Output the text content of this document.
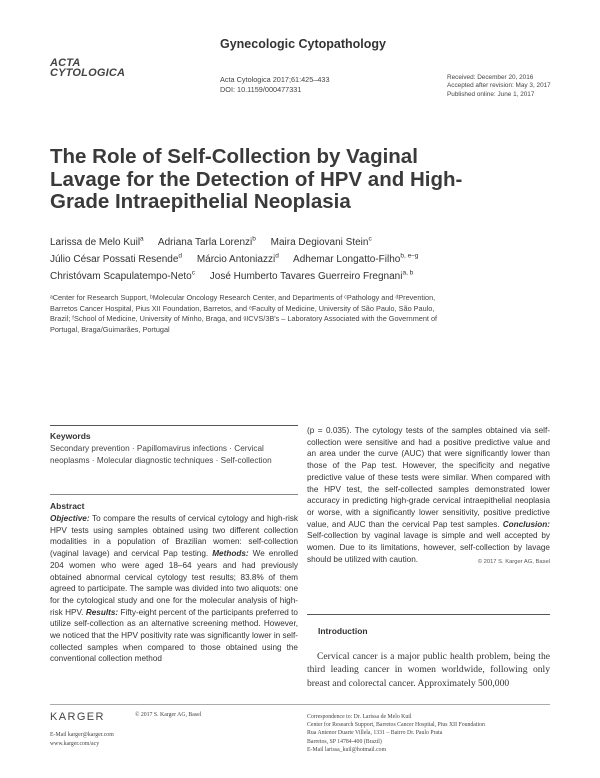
Gynecologic Cytopathology
ACTA
CYTOLOGICA
Acta Cytologica 2017;61:425–433
DOI: 10.1159/000477331
Received: December 20, 2016
Accepted after revision: May 3, 2017
Published online: June 1, 2017
The Role of Self-Collection by Vaginal Lavage for the Detection of HPV and High-Grade Intraepithelial Neoplasia
Larissa de Melo Kuil$^a$ Adriana Tarla Lorenzi$^b$ Maira Degiovani Stein$^c$
Júlio César Possati Resende$^d$ Márcio Antoniazzi$^d$ Adhemar Longatto-Filho$^{b, e-g}$
Christóvam Scapulatempo-Neto$^c$ José Humberto Tavares Guerreiro Fregnani$^{a, b}$
ᵃCenter for Research Support, ᵇMolecular Oncology Research Center, and Departments of ᶜPathology and ᵈPrevention, Barretos Cancer Hospital, Pius XII Foundation, Barretos, and ᵉFaculty of Medicine, University of São Paulo, São Paulo, Brazil; ᶠSchool of Medicine, University of Minho, Braga, and ᵍICVS/3B's – Laboratory Associated with the Government of Portugal, Braga/Guimarães, Portugal
Keywords
Secondary prevention · Papillomavirus infections · Cervical neoplasms · Molecular diagnostic techniques · Self-collection
Abstract
Objective: To compare the results of cervical cytology and high-risk HPV tests using samples obtained using two different collection modalities in a population of Brazilian women: self-collection (vaginal lavage) and cervical Pap testing. Methods: We enrolled 204 women who were aged 18–64 years and had previously obtained abnormal cervical cytology test results; 83.8% of them agreed to participate. The sample was divided into two aliquots: one for the cytological study and one for the molecular analysis of high-risk HPV. Results: Fifty-eight percent of the participants preferred to utilize self-collection as an alternative screening method. However, we noticed that the HPV positivity rate was significantly lower in self-collected samples when compared to those obtained using the conventional collection method
(p = 0.035). The cytology tests of the samples obtained via self-collection were sensitive and had a positive predictive value and an area under the curve (AUC) that were significantly lower than those of the Pap test. However, the specificity and negative predictive value of these tests were similar. When compared with the HPV test, the self-collected samples demonstrated lower accuracy in predicting high-grade cervical intraepithelial neoplasia or worse, with a significantly lower sensitivity, positive predictive value, and AUC than the cervical Pap test samples. Conclusion: Self-collection by vaginal lavage is simple and well accepted by women. Due to its limitations, however, self-collection by lavage should be utilized with caution.	© 2017 S. Karger AG, Basel
Introduction
Cervical cancer is a major public health problem, being the third leading cancer in women worldwide, following only breast and colorectal cancer. Approximately 500,000
KARGER	© 2017 S. Karger AG, Basel
E-Mail karger@karger.com
www.karger.com/acy
Correspondence to: Dr. Larissa de Melo Kuil
Center for Research Support, Barretos Cancer Hospital, Pius XII Foundation
Rua Antenor Duarte Villela, 1331 – Bairro Dr. Paulo Prata
Barretos, SP 14784-400 (Brazil)
E-Mail larissa_kuil@hotmail.com
